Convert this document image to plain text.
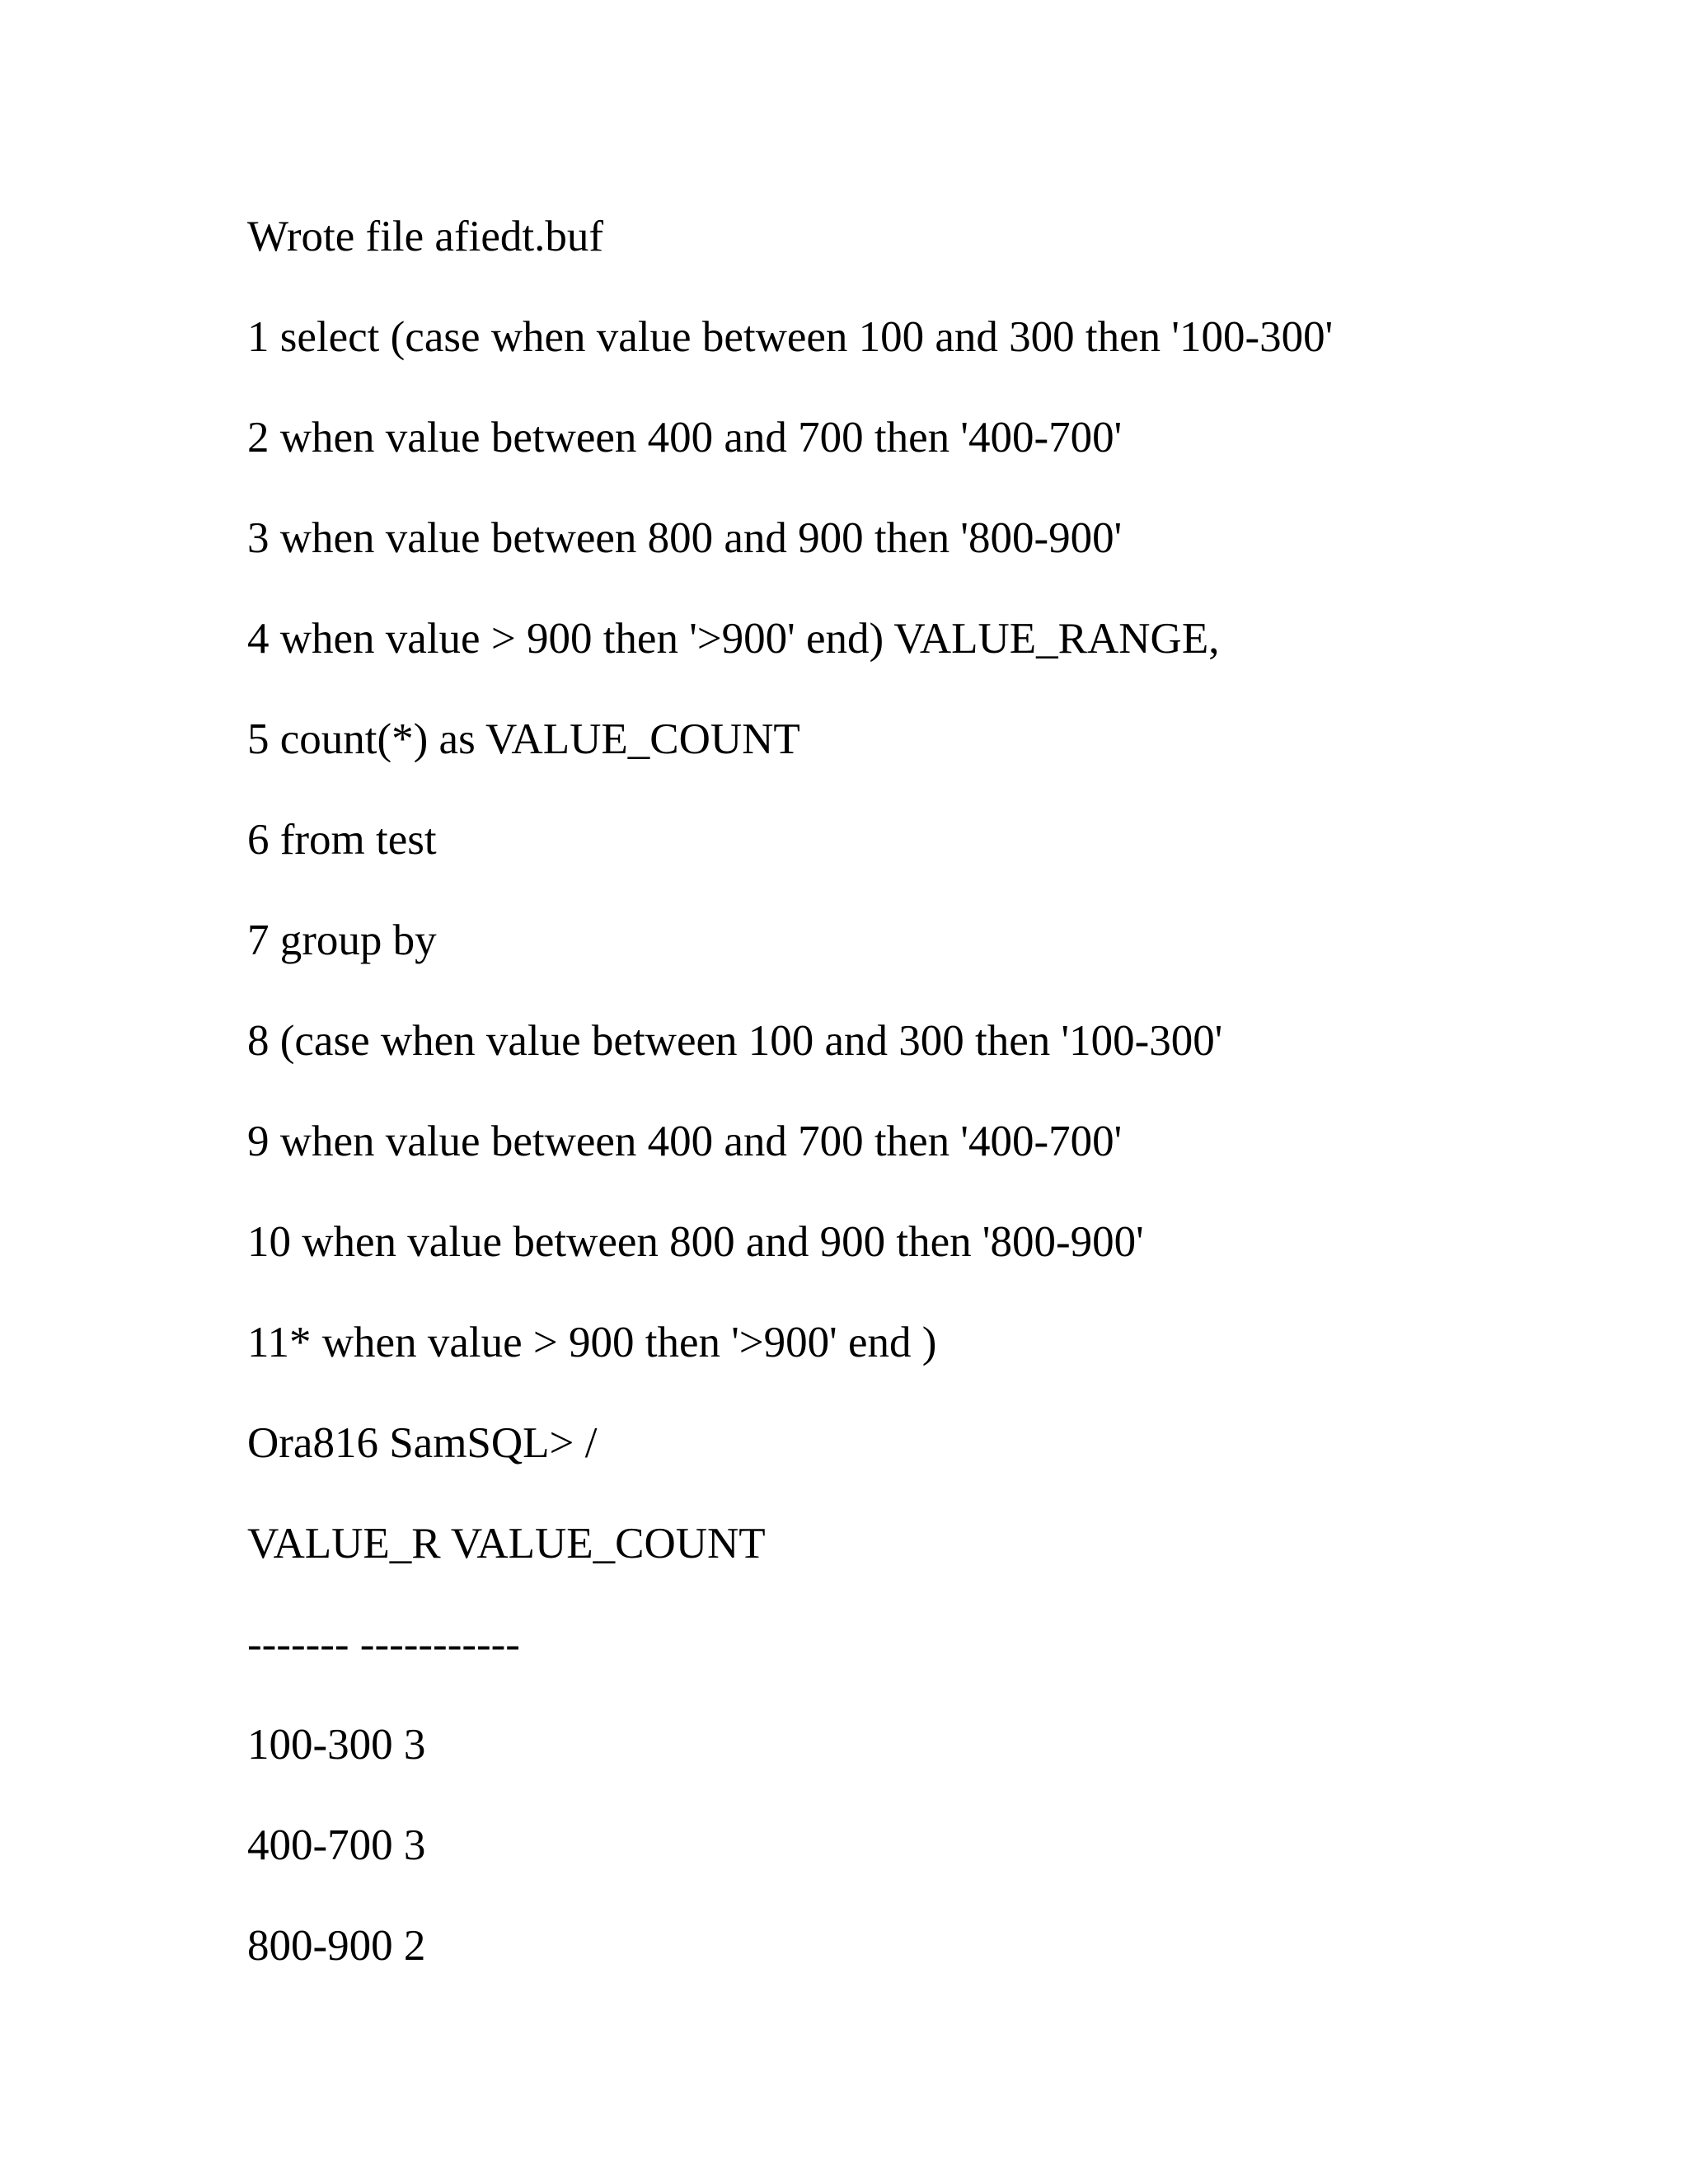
Wrote file afiedt.buf
1 select (case when value between 100 and 300 then '100-300'
2 when value between 400 and 700 then '400-700'
3 when value between 800 and 900 then '800-900'
4 when value > 900 then '>900' end) VALUE_RANGE,
5 count(*) as VALUE_COUNT
6 from test
7 group by
8 (case when value between 100 and 300 then '100-300'
9 when value between 400 and 700 then '400-700'
10 when value between 800 and 900 then '800-900'
11* when value > 900 then '>900' end )
Ora816 SamSQL> /
VALUE_R VALUE_COUNT
------- -----------
100-300 3
400-700 3
800-900 2
